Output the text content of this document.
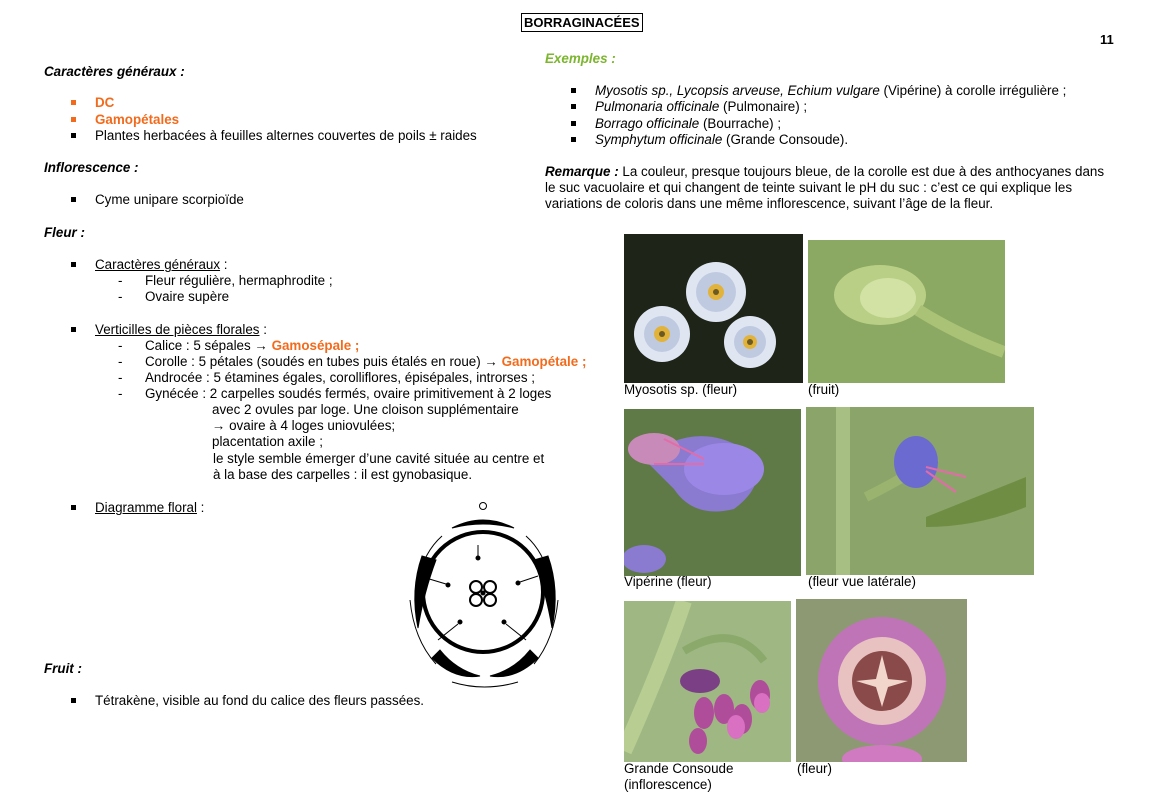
BORRAGINACÉES
11
Caractères généraux :
DC
Gamopétales
Plantes herbacées à feuilles alternes couvertes de poils ± raides
Inflorescence :
Cyme unipare scorpioïde
Fleur :
Caractères généraux :
- Fleur régulière, hermaphrodite ;
- Ovaire supère
Verticilles de pièces florales :
- Calice : 5 sépales → Gamosépale ;
- Corolle : 5 pétales (soudés en tubes puis étalés en roue) → Gamopétale ;
- Androcée : 5 étamines égales, corolliflores, épisépales, introrses ;
- Gynécée : 2 carpelles soudés fermés, ovaire primitivement à 2 loges
avec 2 ovules par loge. Une cloison supplémentaire
→ ovaire à 4 loges uniovulées;
placentation axile ;
le style semble émerger d’une cavité située au centre et
à la base des carpelles : il est gynobasique.
Diagramme floral :
Fruit :
Tétrakène, visible au fond du calice des fleurs passées.
Exemples :
Myosotis sp., Lycopsis arveuse, Echium vulgare (Vipérine) à corolle irrégulière ;
Pulmonaria officinale (Pulmonaire) ;
Borrago officinale (Bourrache) ;
Symphytum officinale (Grande Consoude).
Remarque : La couleur, presque toujours bleue, de la corolle est due à des anthocyanes dans
le suc vacuolaire et qui changent de teinte suivant le pH du suc : c’est ce qui explique les
variations de coloris dans une même inflorescence, suivant l’âge de la fleur.
Myosotis sp. (fleur)	(fruit)
Vipérine (fleur)	(fleur vue latérale)
Grande Consoude
(inflorescence)
(fleur)
